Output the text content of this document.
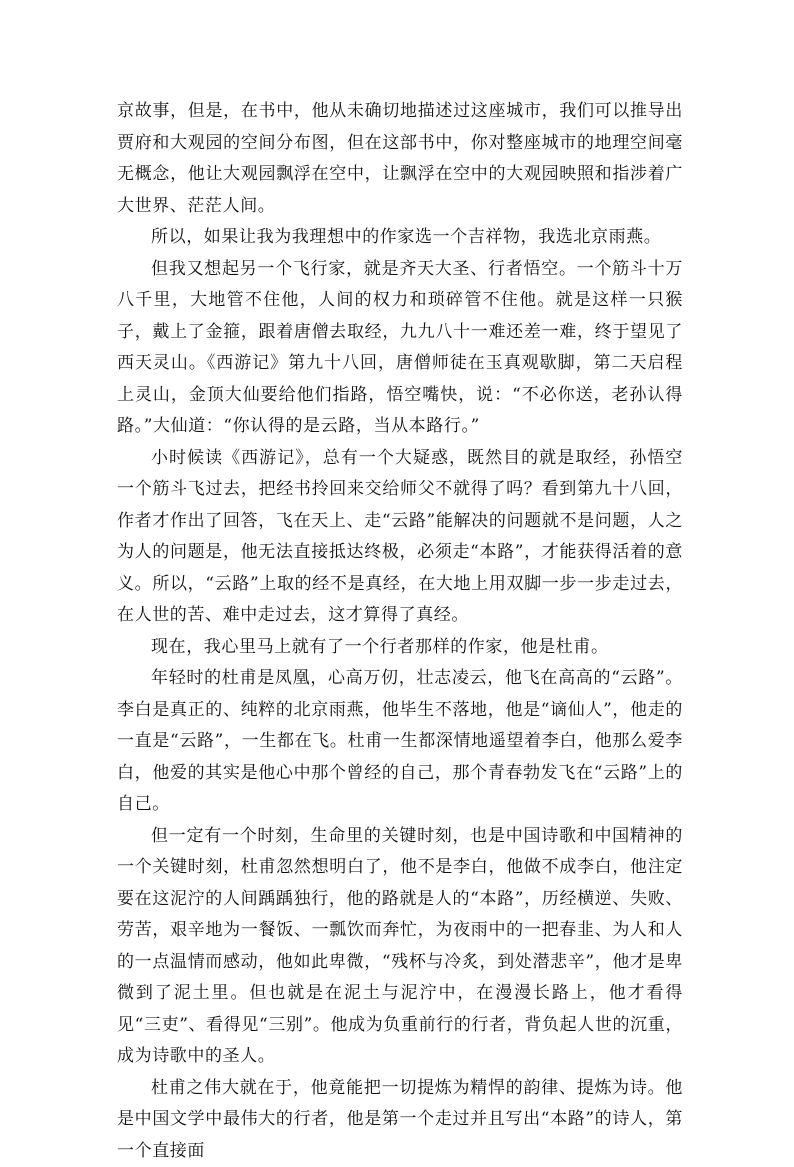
京故事，但是，在书中，他从未确切地描述过这座城市，我们可以推导出贾府和大观园的空间分布图，但在这部书中，你对整座城市的地理空间毫无概念，他让大观园飘浮在空中，让飘浮在空中的大观园映照和指涉着广大世界、茫茫人间。

所以，如果让我为我理想中的作家选一个吉祥物，我选北京雨燕。

但我又想起另一个飞行家，就是齐天大圣、行者悟空。一个筋斗十万八千里，大地管不住他，人间的权力和琐碎管不住他。就是这样一只猴子，戴上了金箍，跟着唐僧去取经，九九八十一难还差一难，终于望见了西天灵山。《西游记》第九十八回，唐僧师徒在玉真观歇脚，第二天启程上灵山，金顶大仙要给他们指路，悟空嘴快，说：“不必你送，老孙认得路。”大仙道：“你认得的是云路，当从本路行。”

小时候读《西游记》，总有一个大疑惑，既然目的就是取经，孙悟空一个筋斗飞过去，把经书拎回来交给师父不就得了吗？看到第九十八回，作者才作出了回答，飞在天上、走“云路”能解决的问题就不是问题，人之为人的问题是，他无法直接抵达终极，必须走“本路”，才能获得活着的意义。所以，“云路”上取的经不是真经，在大地上用双脚一步一步走过去，在人世的苦、难中走过去，这才算得了真经。

现在，我心里马上就有了一个行者那样的作家，他是杜甫。

年轻时的杜甫是凤凰，心高万仞，壮志凌云，他飞在高高的“云路”。李白是真正的、纯粹的北京雨燕，他毕生不落地，他是“谪仙人”，他走的一直是“云路”，一生都在飞。杜甫一生都深情地遥望着李白，他那么爱李白，他爱的其实是他心中那个曾经的自己，那个青春勃发飞在“云路”上的自己。

但一定有一个时刻，生命里的关键时刻，也是中国诗歌和中国精神的一个关键时刻，杜甫忽然想明白了，他不是李白，他做不成李白，他注定要在这泥泞的人间踽踽独行，他的路就是人的“本路”，历经横逆、失败、劳苦，艰辛地为一餐饭、一瓢饮而奔忙，为夜雨中的一把春韭、为人和人的一点温情而感动，他如此卑微，“残杯与冷炙，到处潜悲辛”，他才是卑微到了泥土里。但也就是在泥土与泥泞中，在漫漫长路上，他才看得见“三吏”、看得见“三别”。他成为负重前行的行者，背负起人世的沉重，成为诗歌中的圣人。

杜甫之伟大就在于，他竟能把一切提炼为精悍的韵律、提炼为诗。他是中国文学中最伟大的行者，他是第一个走过并且写出“本路”的诗人，第一个直接面
